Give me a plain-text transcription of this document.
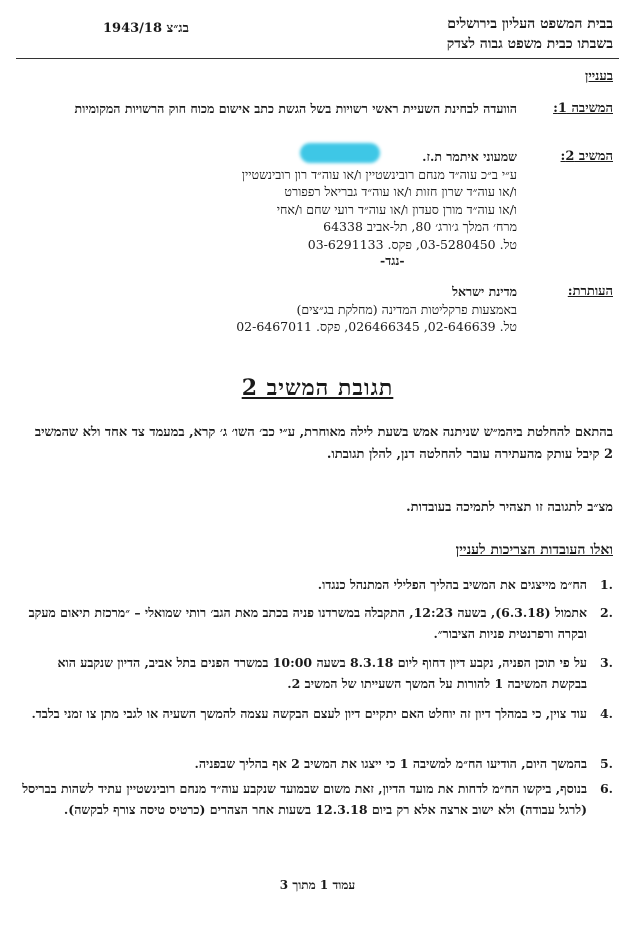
בבית המשפט העליון בירושלים
בשבתו כבית משפט גבוה לצדק
בג״צ 1943/18
בעניין
המשיבה 1:
הוועדה לבחינת השעיית ראשי רשויות בשל הגשת כתב אישום מכוח חוק הרשויות המקומיות
המשיב 2:
שמעוני איתמר ת.ז.
ע״י ב״כ עוה״ד מנחם רובינשטיין ו/או עוה״ד רון רובינשטיין
ו/או עוה״ד שרון חזות ו/או עוה״ד גבריאל רפפורט
ו/או עוה״ד מורן סעדון ו/או עוה״ד רועי שחם ו/אחי
מרח׳ המלך ג׳ורג׳ 80, תל-אביב 64338
טל. 03-5280450, פקס. 03-6291133
-נגד-
העותרת:
מדינת ישראל
באמצעות פרקליטות המדינה (מחלקת בג״צים)
טל. 02-646639, 026466345, פקס. 02-6467011
תגובת המשיב 2
בהתאם להחלטת ביהמ״ש שניתנה אמש בשעת לילה מאוחרת, ע״י כב׳ השו׳ ג׳ קרא, במעמד צד אחד ולא שהמשיב 2 קיבל עותק מהעתירה עובר להחלטה דנן, להלן תגובתו.
מצ״ב לתגובה זו תצהיר לתמיכה בעובדות.
ואלו העובדות הצריכות לעניין
.1
הח״מ מייצגים את המשיב בהליך הפלילי המתנהל כנגדו.
.2
אתמול (6.3.18), בשעה 12:23, התקבלה במשרדנו פניה בכתב מאת הגב׳ רותי שמואלי – ״מרכזת תיאום מעקב ובקרה ורפרנטית פניות הציבור״.
.3
על פי תוכן הפניה, נקבע דיון דחוף ליום 8.3.18 בשעה 10:00 במשרד הפנים בתל אביב, הדיון שנקבע הוא בבקשת המשיבה 1 להורות על המשך השעייתו של המשיב 2.
.4
עוד צוין, כי במהלך דיון זה יוחלט האם יתקיים דיון לעצם הבקשה עצמה להמשך השעיה או לגבי מתן צו זמני בלבד.
.5
בהמשך היום, הודיעו הח״מ למשיבה 1 כי ייצגו את המשיב 2 אף בהליך שבפניה.
.6
בנוסף, ביקשו הח״מ לדחות את מועד הדיון, זאת משום שבמועד שנקבע עוה״ד מנחם רובינשטיין עתיד לשהות בבריסל (לרגל עבודה) ולא ישוב ארצה אלא רק ביום 12.3.18 בשעות אחר הצהרים (כרטיס טיסה צורף לבקשה).
עמוד 1 מתוך 3
